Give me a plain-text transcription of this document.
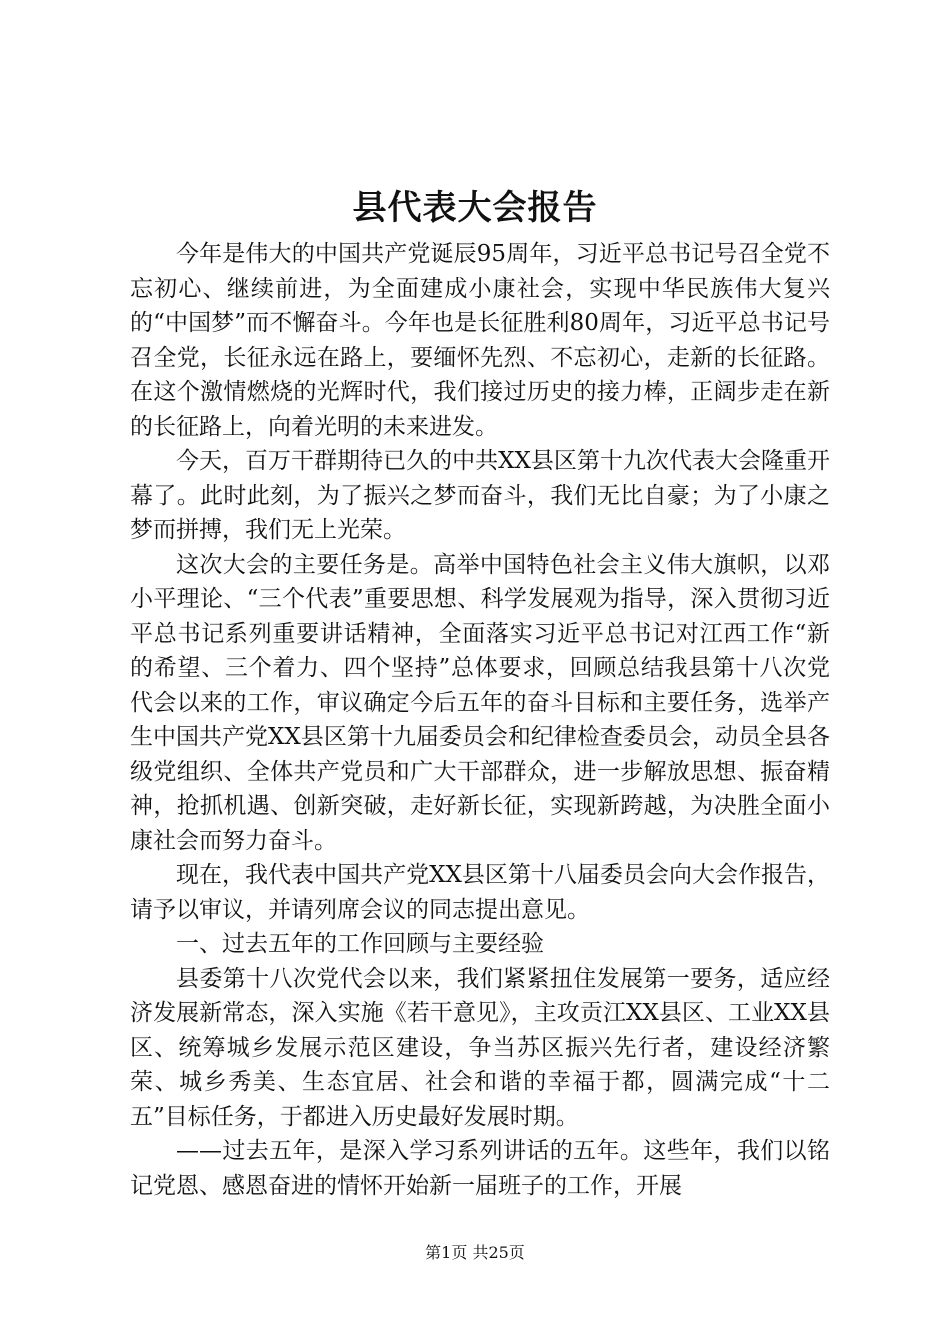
县代表大会报告

今年是伟大的中国共产党诞辰95周年，习近平总书记号召全党不忘初心、继续前进，为全面建成小康社会，实现中华民族伟大复兴的“中国梦”而不懈奋斗。今年也是长征胜利80周年，习近平总书记号召全党，长征永远在路上，要缅怀先烈、不忘初心，走新的长征路。在这个激情燃烧的光辉时代，我们接过历史的接力棒，正阔步走在新的长征路上，向着光明的未来进发。

今天，百万干群期待已久的中共XX县区第十九次代表大会隆重开幕了。此时此刻，为了振兴之梦而奋斗，我们无比自豪；为了小康之梦而拼搏，我们无上光荣。

这次大会的主要任务是。高举中国特色社会主义伟大旗帜，以邓小平理论、“三个代表”重要思想、科学发展观为指导，深入贯彻习近平总书记系列重要讲话精神，全面落实习近平总书记对江西工作“新的希望、三个着力、四个坚持”总体要求，回顾总结我县第十八次党代会以来的工作，审议确定今后五年的奋斗目标和主要任务，选举产生中国共产党XX县区第十九届委员会和纪律检查委员会，动员全县各级党组织、全体共产党员和广大干部群众，进一步解放思想、振奋精神，抢抓机遇、创新突破，走好新长征，实现新跨越，为决胜全面小康社会而努力奋斗。

现在，我代表中国共产党XX县区第十八届委员会向大会作报告，请予以审议，并请列席会议的同志提出意见。

一、过去五年的工作回顾与主要经验

县委第十八次党代会以来，我们紧紧扭住发展第一要务，适应经济发展新常态，深入实施《若干意见》，主攻贡江XX县区、工业XX县区、统筹城乡发展示范区建设，争当苏区振兴先行者，建设经济繁荣、城乡秀美、生态宜居、社会和谐的幸福于都，圆满完成“十二五”目标任务，于都进入历史最好发展时期。

——过去五年，是深入学习系列讲话的五年。这些年，我们以铭记党恩、感恩奋进的情怀开始新一届班子的工作，开展

第1页 共25页
